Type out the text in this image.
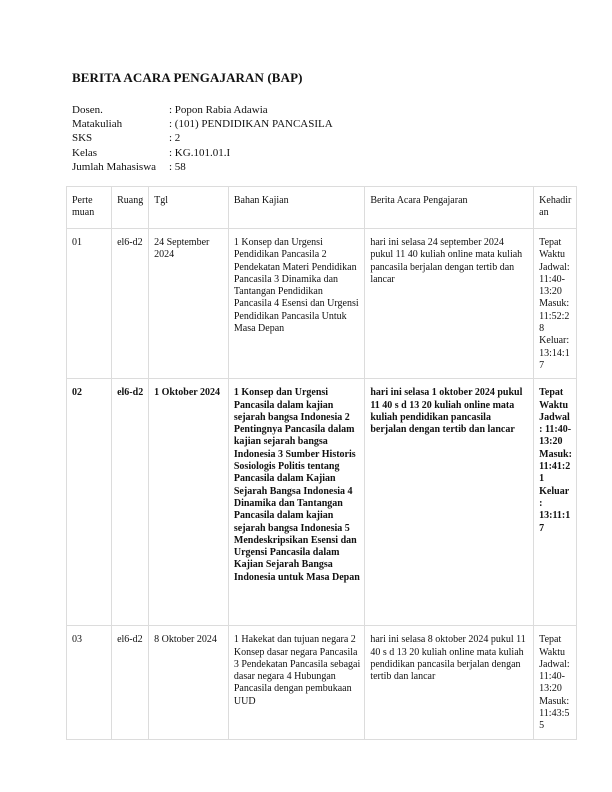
BERITA ACARA PENGAJARAN (BAP)
Dosen.	: Popon Rabia Adawia
Matakuliah	: (101) PENDIDIKAN PANCASILA
SKS	: 2
Kelas	: KG.101.01.I
Jumlah Mahasiswa	: 58
Perte muan	Ruang	Tgl	Bahan Kajian	Berita Acara Pengajaran	Kehadir an
01	el6-d2	24 September 2024	1 Konsep dan Urgensi Pendidikan Pancasila 2 Pendekatan Materi Pendidikan Pancasila 3 Dinamika dan Tantangan Pendidikan Pancasila 4 Esensi dan Urgensi Pendidikan Pancasila Untuk Masa Depan	hari ini selasa 24 september 2024 pukul 11 40 kuliah online mata kuliah pancasila berjalan dengan tertib dan lancar	Tepat Waktu Jadwal: 11:40-13:20 Masuk: 11:52:28 Keluar: 13:14:17
02	el6-d2	1 Oktober 2024	1 Konsep dan Urgensi Pancasila dalam kajian sejarah bangsa Indonesia 2 Pentingnya Pancasila dalam kajian sejarah bangsa Indonesia 3 Sumber Historis Sosiologis Politis tentang Pancasila dalam Kajian Sejarah Bangsa Indonesia 4 Dinamika dan Tantangan Pancasila dalam kajian sejarah bangsa Indonesia 5 Mendeskripsikan Esensi dan Urgensi Pancasila dalam Kajian Sejarah Bangsa Indonesia untuk Masa Depan	hari ini selasa 1 oktober 2024 pukul 11 40 s d 13 20 kuliah online mata kuliah pendidikan pancasila berjalan dengan tertib dan lancar	Tepat Waktu Jadwal: 11:40-13:20 Masuk: 11:41:21 Keluar: 13:11:17
03	el6-d2	8 Oktober 2024	1 Hakekat dan tujuan negara 2 Konsep dasar negara Pancasila 3 Pendekatan Pancasila sebagai dasar negara 4 Hubungan Pancasila dengan pembukaan UUD	hari ini selasa 8 oktober 2024 pukul 11 40 s d 13 20 kuliah online mata kuliah pendidikan pancasila berjalan dengan tertib dan lancar	Tepat Waktu Jadwal: 11:40-13:20 Masuk: 11:43:55
